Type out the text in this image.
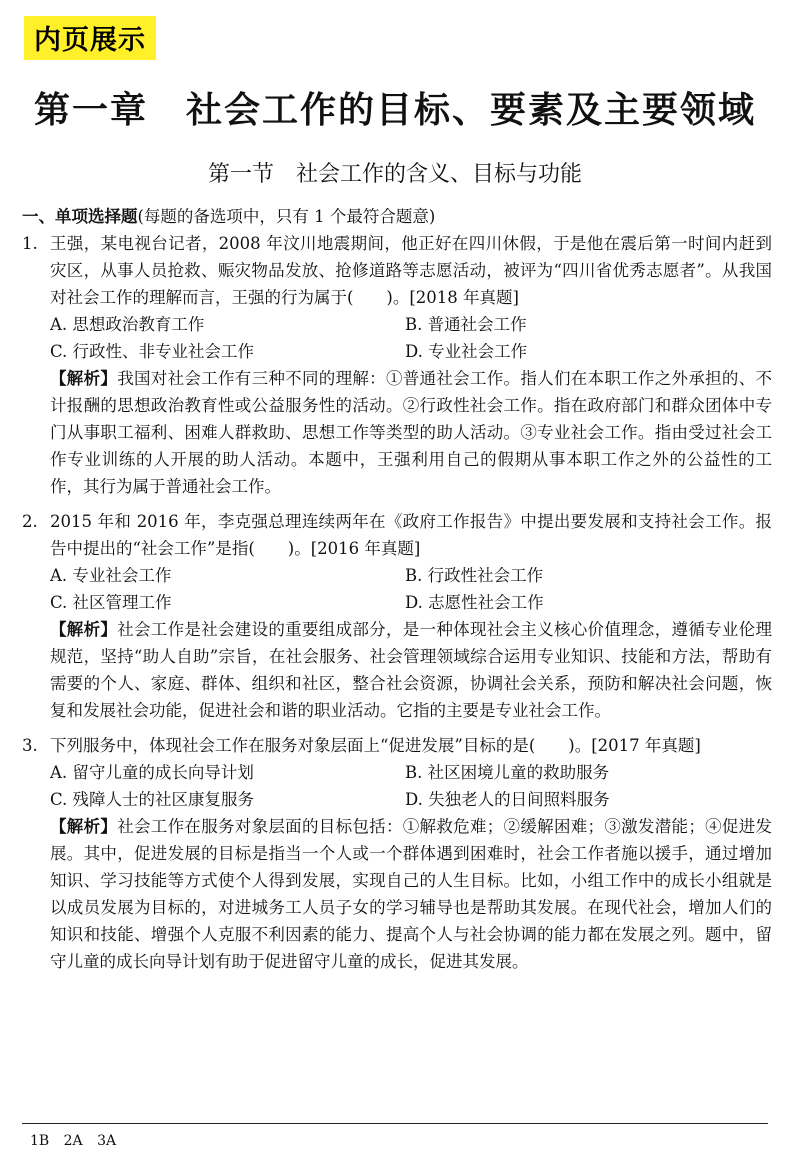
内页展示
第一章　社会工作的目标、要素及主要领域
第一节　社会工作的含义、目标与功能
一、单项选择题(每题的备选项中，只有 1 个最符合题意)
1. 王强，某电视台记者，2008 年汶川地震期间，他正好在四川休假，于是他在震后第一时间内赶到灾区，从事人员抢救、赈灾物品发放、抢修道路等志愿活动，被评为“四川省优秀志愿者”。从我国对社会工作的理解而言，王强的行为属于(　　)。[2018 年真题]
A. 思想政治教育工作	B. 普通社会工作
C. 行政性、非专业社会工作	D. 专业社会工作
【解析】我国对社会工作有三种不同的理解：①普通社会工作。指人们在本职工作之外承担的、不计报酬的思想政治教育性或公益服务性的活动。②行政性社会工作。指在政府部门和群众团体中专门从事职工福利、困难人群救助、思想工作等类型的助人活动。③专业社会工作。指由受过社会工作专业训练的人开展的助人活动。本题中，王强利用自己的假期从事本职工作之外的公益性的工作，其行为属于普通社会工作。
2. 2015 年和 2016 年，李克强总理连续两年在《政府工作报告》中提出要发展和支持社会工作。报告中提出的“社会工作”是指(　　)。[2016 年真题]
A. 专业社会工作	B. 行政性社会工作
C. 社区管理工作	D. 志愿性社会工作
【解析】社会工作是社会建设的重要组成部分，是一种体现社会主义核心价值理念，遵循专业伦理规范，坚持“助人自助”宗旨，在社会服务、社会管理领域综合运用专业知识、技能和方法，帮助有需要的个人、家庭、群体、组织和社区，整合社会资源，协调社会关系，预防和解决社会问题，恢复和发展社会功能，促进社会和谐的职业活动。它指的主要是专业社会工作。
3. 下列服务中，体现社会工作在服务对象层面上“促进发展”目标的是(　　)。[2017 年真题]
A. 留守儿童的成长向导计划	B. 社区困境儿童的救助服务
C. 残障人士的社区康复服务	D. 失独老人的日间照料服务
【解析】社会工作在服务对象层面的目标包括：①解救危难；②缓解困难；③激发潜能；④促进发展。其中，促进发展的目标是指当一个人或一个群体遇到困难时，社会工作者施以援手，通过增加知识、学习技能等方式使个人得到发展，实现自己的人生目标。比如，小组工作中的成长小组就是以成员发展为目标的，对进城务工人员子女的学习辅导也是帮助其发展。在现代社会，增加人们的知识和技能、增强个人克服不利因素的能力、提高个人与社会协调的能力都在发展之列。题中，留守儿童的成长向导计划有助于促进留守儿童的成长，促进其发展。
1B 2A 3A
